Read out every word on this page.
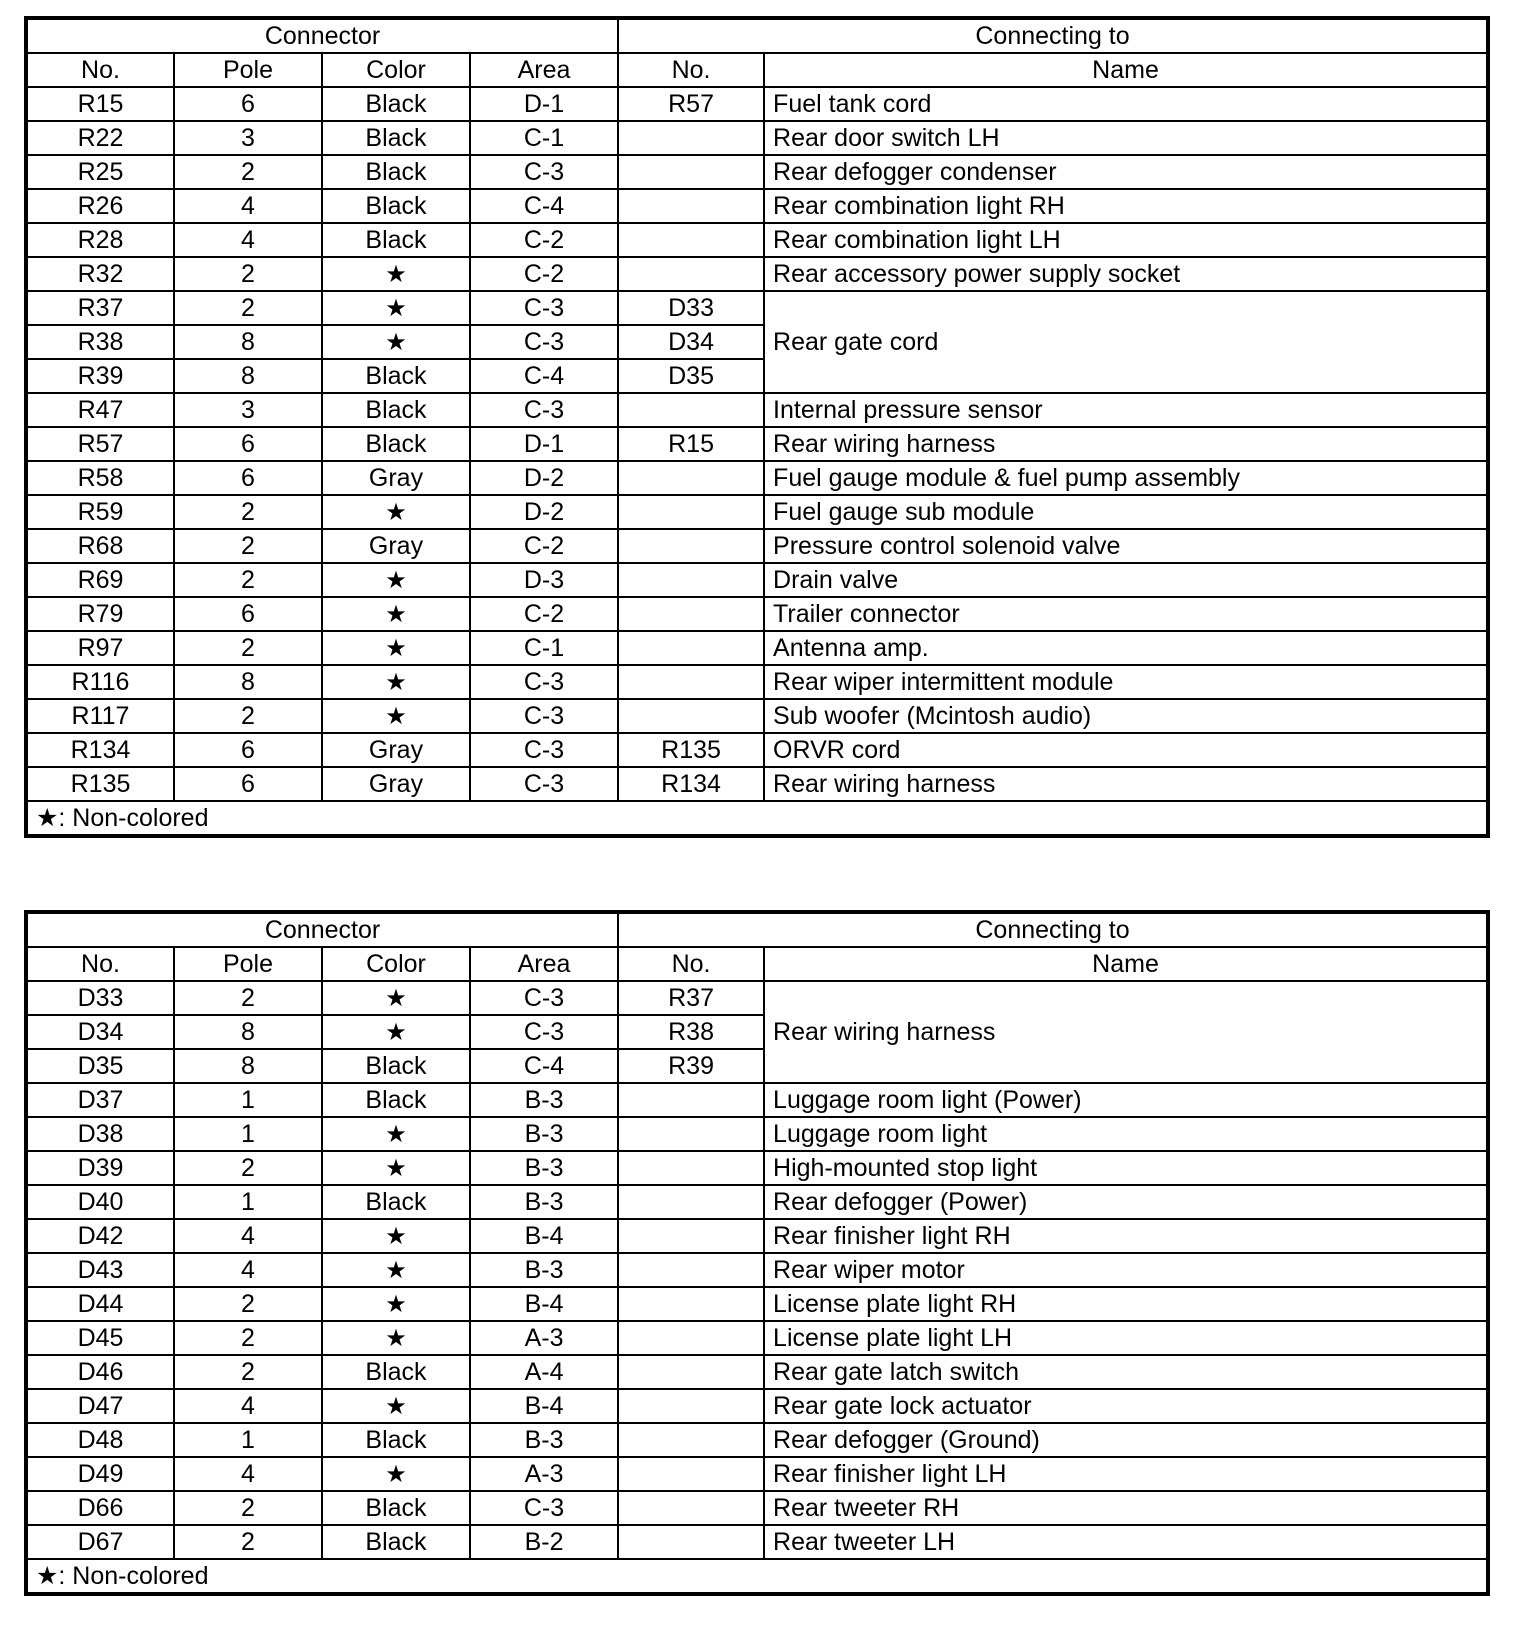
Connector				Connecting to	
No.	Pole	Color	Area	No.	Name
R15	6	Black	D-1	R57	Fuel tank cord
R22	3	Black	C-1		Rear door switch LH
R25	2	Black	C-3		Rear defogger condenser
R26	4	Black	C-4		Rear combination light RH
R28	4	Black	C-2		Rear combination light LH
R32	2	★	C-2		Rear accessory power supply socket
R37	2	★	C-3	D33	Rear gate cord
R38	8	★	C-3	D34	
R39	8	Black	C-4	D35	
R47	3	Black	C-3		Internal pressure sensor
R57	6	Black	D-1	R15	Rear wiring harness
R58	6	Gray	D-2		Fuel gauge module & fuel pump assembly
R59	2	★	D-2		Fuel gauge sub module
R68	2	Gray	C-2		Pressure control solenoid valve
R69	2	★	D-3		Drain valve
R79	6	★	C-2		Trailer connector
R97	2	★	C-1		Antenna amp.
R116	8	★	C-3		Rear wiper intermittent module
R117	2	★	C-3		Sub woofer (Mcintosh audio)
R134	6	Gray	C-3	R135	ORVR cord
R135	6	Gray	C-3	R134	Rear wiring harness
★: Non-colored					
Connector				Connecting to	
No.	Pole	Color	Area	No.	Name
D33	2	★	C-3	R37	Rear wiring harness
D34	8	★	C-3	R38	
D35	8	Black	C-4	R39	
D37	1	Black	B-3		Luggage room light (Power)
D38	1	★	B-3		Luggage room light
D39	2	★	B-3		High-mounted stop light
D40	1	Black	B-3		Rear defogger (Power)
D42	4	★	B-4		Rear finisher light RH
D43	4	★	B-3		Rear wiper motor
D44	2	★	B-4		License plate light RH
D45	2	★	A-3		License plate light LH
D46	2	Black	A-4		Rear gate latch switch
D47	4	★	B-4		Rear gate lock actuator
D48	1	Black	B-3		Rear defogger (Ground)
D49	4	★	A-3		Rear finisher light LH
D66	2	Black	C-3		Rear tweeter RH
D67	2	Black	B-2		Rear tweeter LH
★: Non-colored					
